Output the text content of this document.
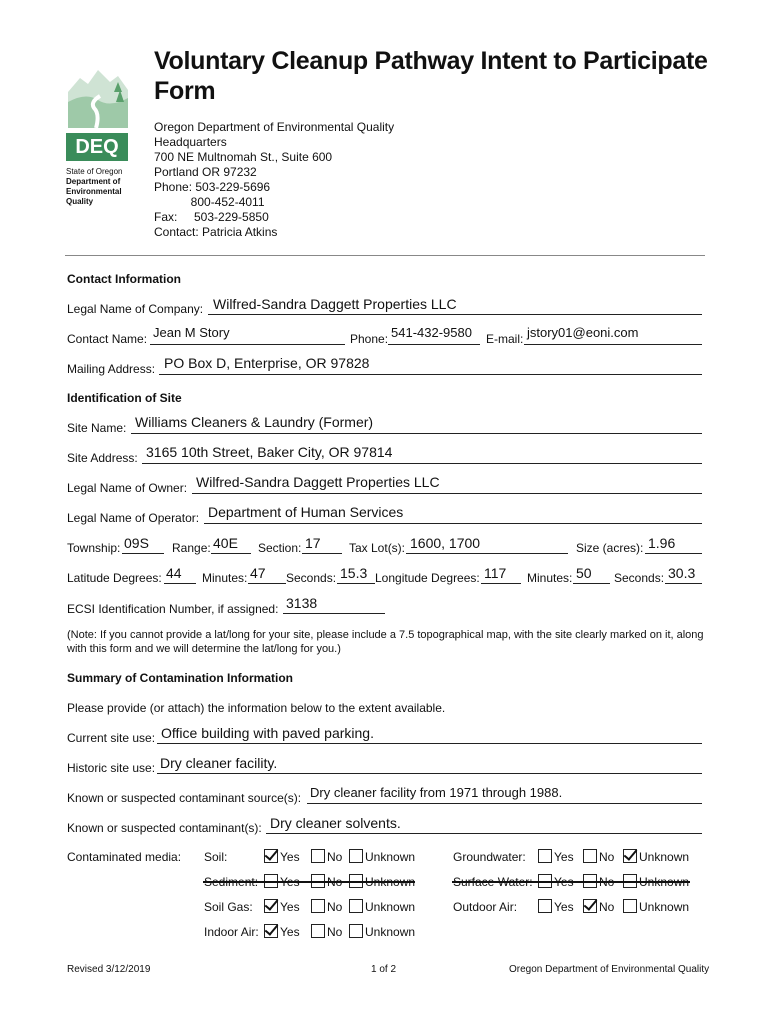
DEQ
State of Oregon
Department of
Environmental
Quality
Voluntary Cleanup Pathway Intent to Participate Form
Oregon Department of Environmental Quality
Headquarters
700 NE Multnomah St., Suite 600
Portland OR 97232
Phone: 503-229-5696
800-452-4011
Fax:     503-229-5850
Contact: Patricia Atkins
Contact Information
Legal Name of Company: Wilfred-Sandra Daggett Properties LLC
Contact Name: Jean M Story	Phone: 541-432-9580 E-mail: jstory01@eoni.com
Mailing Address: PO Box D, Enterprise, OR 97828
Identification of Site
Site Name: Williams Cleaners & Laundry (Former)
Site Address: 3165 10th Street, Baker City, OR 97814
Legal Name of Owner: Wilfred-Sandra Daggett Properties LLC
Legal Name of Operator: Department of Human Services
Township: 09S Range: 40E Section: 17 Tax Lot(s): 1600, 1700	Size (acres): 1.96
Latitude Degrees: 44 Minutes: 47 Seconds: 15.3 Longitude Degrees: 117 Minutes: 50 Seconds: 30.3
ECSI Identification Number, if assigned: 3138
(Note: If you cannot provide a lat/long for your site, please include a 7.5 topographical map, with the site clearly marked on it, along with this form and we will determine the lat/long for you.)
Summary of Contamination Information
Please provide (or attach) the information below to the extent available.
Current site use: Office building with paved parking.
Historic site use: Dry cleaner facility.
Known or suspected contaminant source(s): Dry cleaner facility from 1971 through 1988.
Known or suspected contaminant(s): Dry cleaner solvents.
Contaminated media: Soil:	Yes	No	Unknown
Soil Gas:	Yes	No	Unknown
Indoor Air:	Yes	No	Unknown
Groundwater:	Yes	No	Unknown
Outdoor Air:	Yes	No	Unknown
Revised 3/12/2019	1 of 2	Oregon Department of Environmental Quality
